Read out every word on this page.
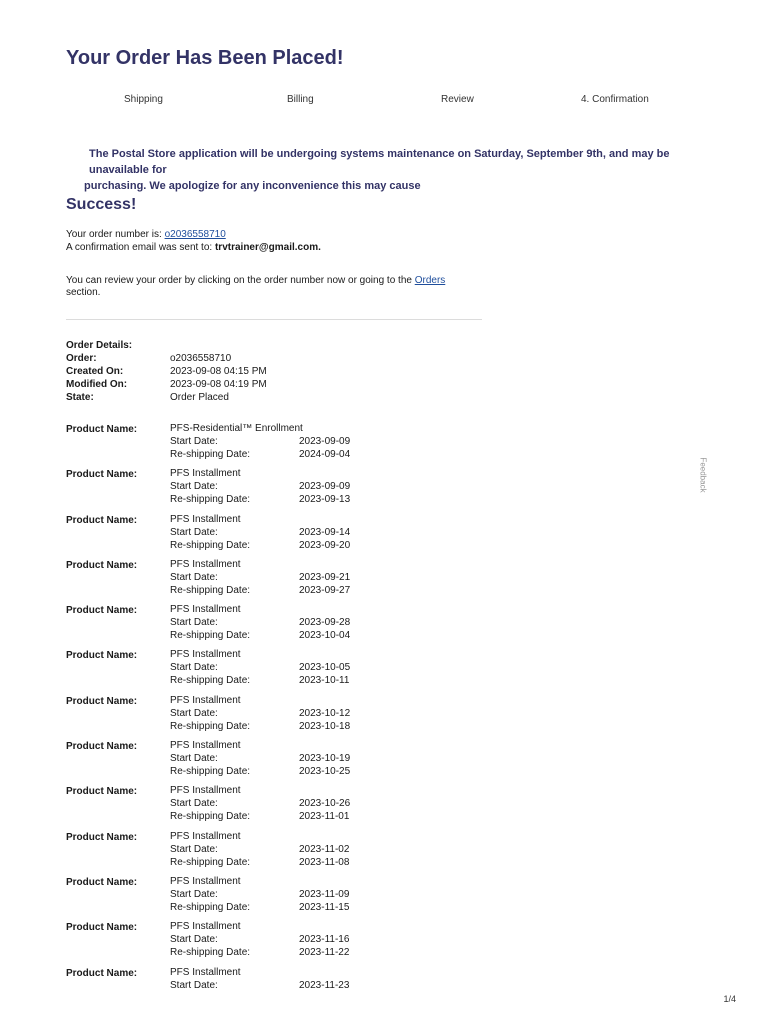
Your Order Has Been Placed!
Shipping	Billing	Review	4. Confirmation
The Postal Store application will be undergoing systems maintenance on Saturday, September 9th, and may be unavailable for
purchasing. We apologize for any inconvenience this may cause
Success!
Your order number is: o2036558710
A confirmation email was sent to: trvtrainer@gmail.com.
You can review your order by clicking on the order number now or going to the Orders
section.
Order Details:
Order:	o2036558710
Created On:	2023-09-08 04:15 PM
Modified On:	2023-09-08 04:19 PM
State:	Order Placed
Product Name:	PFS-Residential™ Enrollment
Start Date:	2023-09-09
Re-shipping Date:	2024-09-04
Product Name:	PFS Installment
Start Date:	2023-09-09
Re-shipping Date:	2023-09-13
Product Name:	PFS Installment
Start Date:	2023-09-14
Re-shipping Date:	2023-09-20
Product Name:	PFS Installment
Start Date:	2023-09-21
Re-shipping Date:	2023-09-27
Product Name:	PFS Installment
Start Date:	2023-09-28
Re-shipping Date:	2023-10-04
Product Name:	PFS Installment
Start Date:	2023-10-05
Re-shipping Date:	2023-10-11
Product Name:	PFS Installment
Start Date:	2023-10-12
Re-shipping Date:	2023-10-18
Product Name:	PFS Installment
Start Date:	2023-10-19
Re-shipping Date:	2023-10-25
Product Name:	PFS Installment
Start Date:	2023-10-26
Re-shipping Date:	2023-11-01
Product Name:	PFS Installment
Start Date:	2023-11-02
Re-shipping Date:	2023-11-08
Product Name:	PFS Installment
Start Date:	2023-11-09
Re-shipping Date:	2023-11-15
Product Name:	PFS Installment
Start Date:	2023-11-16
Re-shipping Date:	2023-11-22
Product Name:	PFS Installment
Start Date:	2023-11-23
Feedback
1/4
